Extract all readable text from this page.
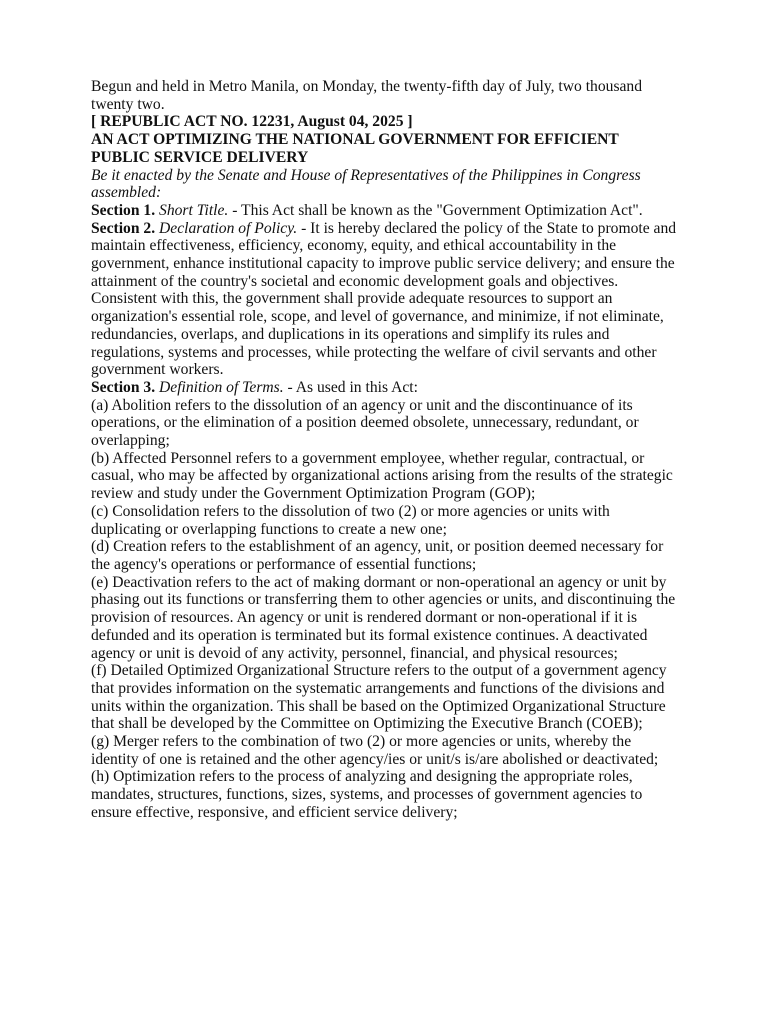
Begun and held in Metro Manila, on Monday, the twenty-fifth day of July, two thousand twenty two.

[ REPUBLIC ACT NO. 12231, August 04, 2025 ]

AN ACT OPTIMIZING THE NATIONAL GOVERNMENT FOR EFFICIENT PUBLIC SERVICE DELIVERY

Be it enacted by the Senate and House of Representatives of the Philippines in Congress assembled:

Section 1. Short Title. - This Act shall be known as the "Government Optimization Act".

Section 2. Declaration of Policy. - It is hereby declared the policy of the State to promote and maintain effectiveness, efficiency, economy, equity, and ethical accountability in the government, enhance institutional capacity to improve public service delivery; and ensure the attainment of the country's societal and economic development goals and objectives. Consistent with this, the government shall provide adequate resources to support an organization's essential role, scope, and level of governance, and minimize, if not eliminate, redundancies, overlaps, and duplications in its operations and simplify its rules and regulations, systems and processes, while protecting the welfare of civil servants and other government workers.

Section 3. Definition of Terms. - As used in this Act:

(a) Abolition refers to the dissolution of an agency or unit and the discontinuance of its operations, or the elimination of a position deemed obsolete, unnecessary, redundant, or overlapping;

(b) Affected Personnel refers to a government employee, whether regular, contractual, or casual, who may be affected by organizational actions arising from the results of the strategic review and study under the Government Optimization Program (GOP);

(c) Consolidation refers to the dissolution of two (2) or more agencies or units with duplicating or overlapping functions to create a new one;

(d) Creation refers to the establishment of an agency, unit, or position deemed necessary for the agency's operations or performance of essential functions;

(e) Deactivation refers to the act of making dormant or non-operational an agency or unit by phasing out its functions or transferring them to other agencies or units, and discontinuing the provision of resources. An agency or unit is rendered dormant or non-operational if it is defunded and its operation is terminated but its formal existence continues. A deactivated agency or unit is devoid of any activity, personnel, financial, and physical resources;

(f) Detailed Optimized Organizational Structure refers to the output of a government agency that provides information on the systematic arrangements and functions of the divisions and units within the organization. This shall be based on the Optimized Organizational Structure that shall be developed by the Committee on Optimizing the Executive Branch (COEB);

(g) Merger refers to the combination of two (2) or more agencies or units, whereby the identity of one is retained and the other agency/ies or unit/s is/are abolished or deactivated;

(h) Optimization refers to the process of analyzing and designing the appropriate roles, mandates, structures, functions, sizes, systems, and processes of government agencies to ensure effective, responsive, and efficient service delivery;
